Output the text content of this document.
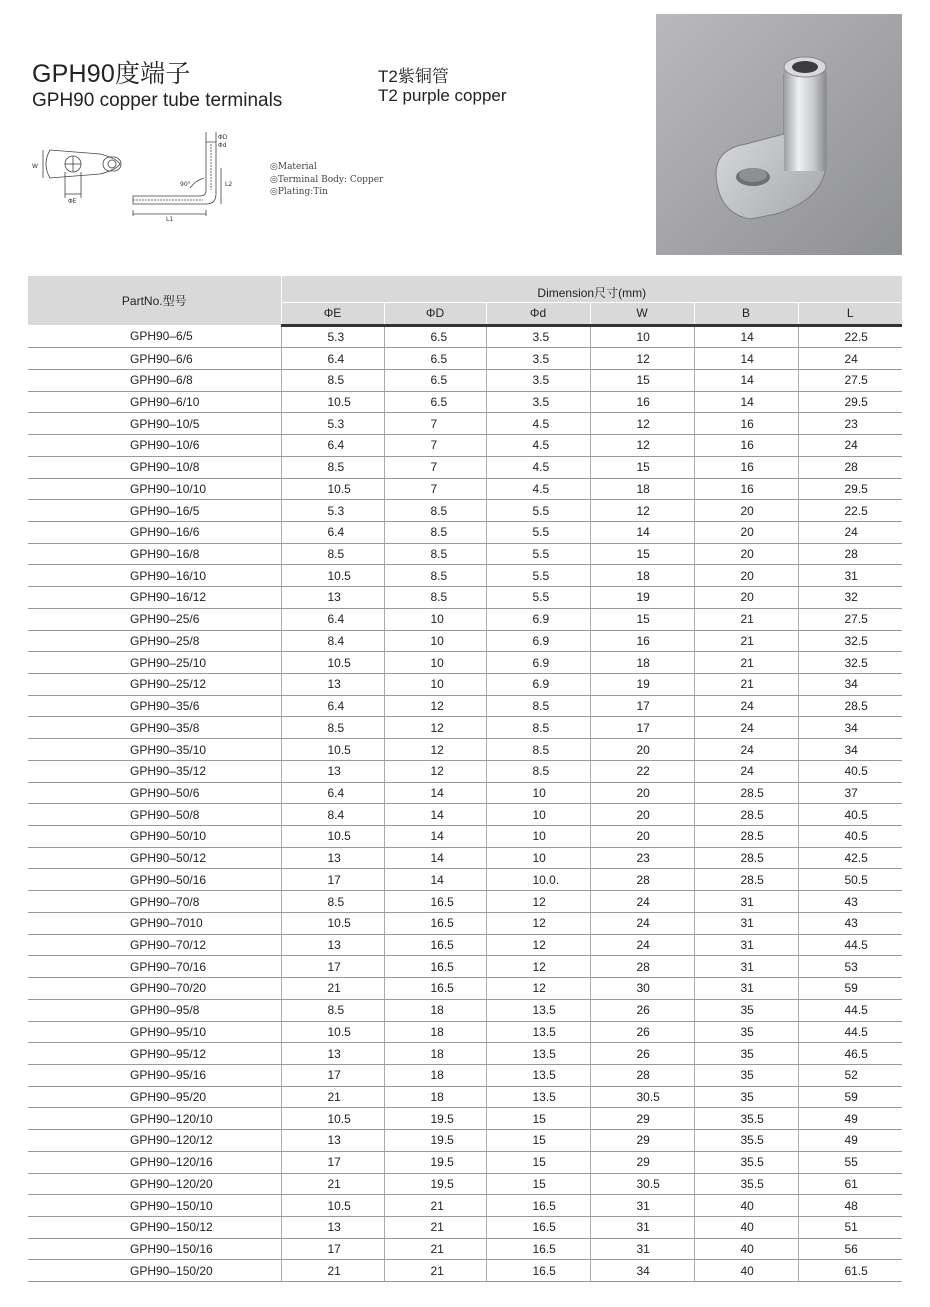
GPH90度端子
GPH90 copper tube terminals
T2紫铜管
T2 purple copper
W
ΦE
ΦD
Φd
90°	L2
L1
◎Material
◎Terminal Body: Copper
◎Plating:Tin
PartNo.型号	Dimension尺寸(mm)					
	ΦE	ΦD	Φd	W	B	L
GPH90–6/5	5.3	6.5	3.5	10	14	22.5
GPH90–6/6	6.4	6.5	3.5	12	14	24
GPH90–6/8	8.5	6.5	3.5	15	14	27.5
GPH90–6/10	10.5	6.5	3.5	16	14	29.5
GPH90–10/5	5.3	7	4.5	12	16	23
GPH90–10/6	6.4	7	4.5	12	16	24
GPH90–10/8	8.5	7	4.5	15	16	28
GPH90–10/10	10.5	7	4.5	18	16	29.5
GPH90–16/5	5.3	8.5	5.5	12	20	22.5
GPH90–16/6	6.4	8.5	5.5	14	20	24
GPH90–16/8	8.5	8.5	5.5	15	20	28
GPH90–16/10	10.5	8.5	5.5	18	20	31
GPH90–16/12	13	8.5	5.5	19	20	32
GPH90–25/6	6.4	10	6.9	15	21	27.5
GPH90–25/8	8.4	10	6.9	16	21	32.5
GPH90–25/10	10.5	10	6.9	18	21	32.5
GPH90–25/12	13	10	6.9	19	21	34
GPH90–35/6	6.4	12	8.5	17	24	28.5
GPH90–35/8	8.5	12	8.5	17	24	34
GPH90–35/10	10.5	12	8.5	20	24	34
GPH90–35/12	13	12	8.5	22	24	40.5
GPH90–50/6	6.4	14	10	20	28.5	37
GPH90–50/8	8.4	14	10	20	28.5	40.5
GPH90–50/10	10.5	14	10	20	28.5	40.5
GPH90–50/12	13	14	10	23	28.5	42.5
GPH90–50/16	17	14	10.0.	28	28.5	50.5
GPH90–70/8	8.5	16.5	12	24	31	43
GPH90–7010	10.5	16.5	12	24	31	43
GPH90–70/12	13	16.5	12	24	31	44.5
GPH90–70/16	17	16.5	12	28	31	53
GPH90–70/20	21	16.5	12	30	31	59
GPH90–95/8	8.5	18	13.5	26	35	44.5
GPH90–95/10	10.5	18	13.5	26	35	44.5
GPH90–95/12	13	18	13.5	26	35	46.5
GPH90–95/16	17	18	13.5	28	35	52
GPH90–95/20	21	18	13.5	30.5	35	59
GPH90–120/10	10.5	19.5	15	29	35.5	49
GPH90–120/12	13	19.5	15	29	35.5	49
GPH90–120/16	17	19.5	15	29	35.5	55
GPH90–120/20	21	19.5	15	30.5	35.5	61
GPH90–150/10	10.5	21	16.5	31	40	48
GPH90–150/12	13	21	16.5	31	40	51
GPH90–150/16	17	21	16.5	31	40	56
GPH90–150/20	21	21	16.5	34	40	61.5
